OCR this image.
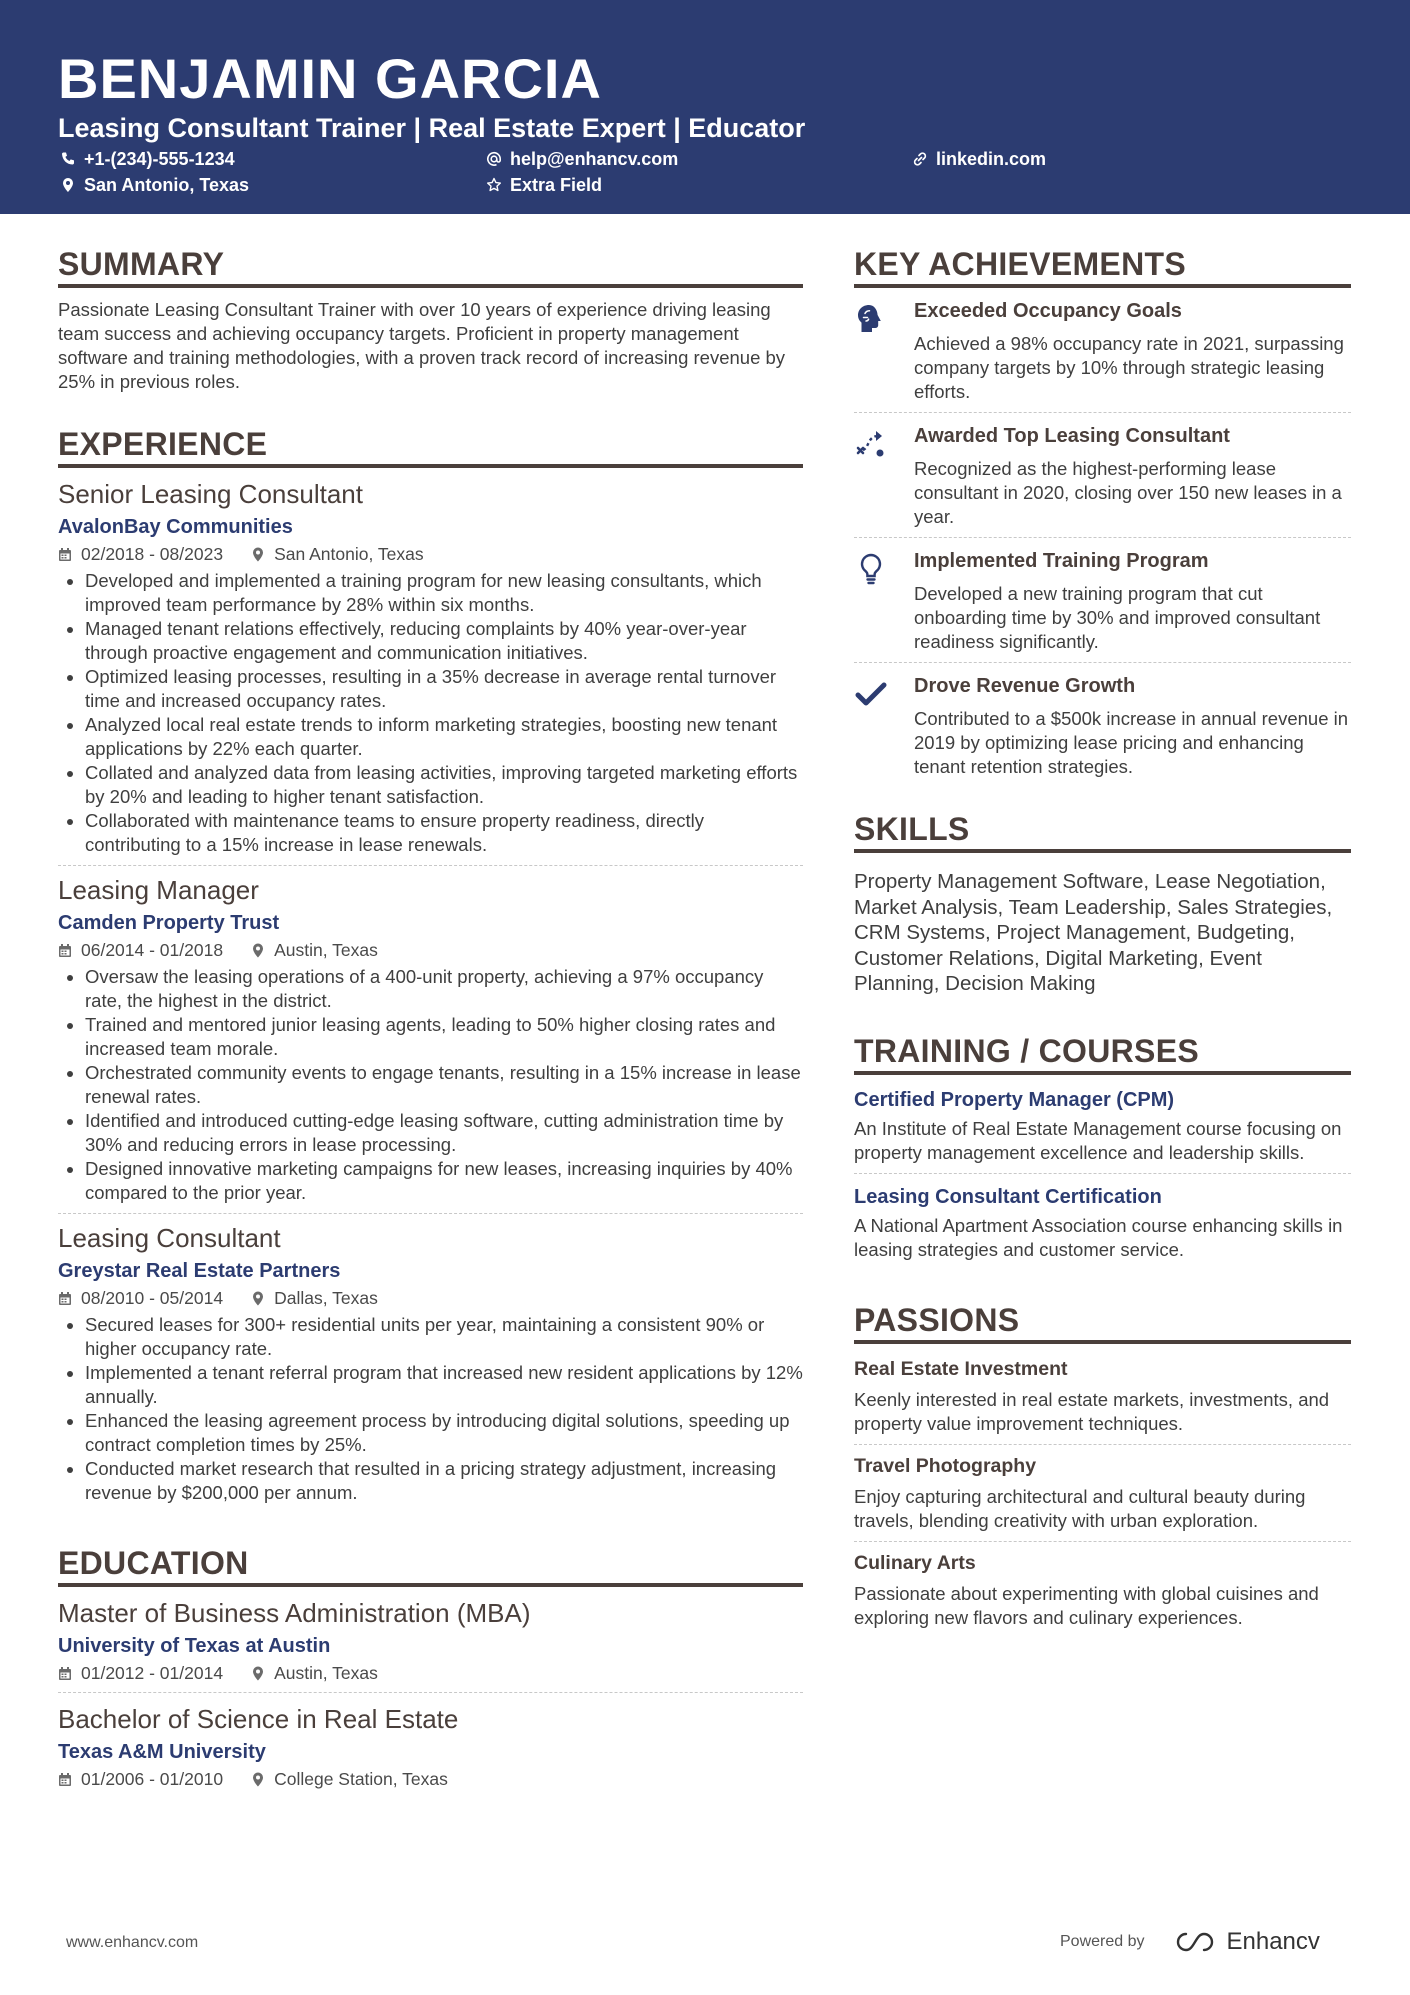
BENJAMIN GARCIA
Leasing Consultant Trainer | Real Estate Expert | Educator
+1-(234)-555-1234	help@enhancv.com	linkedin.com
San Antonio, Texas	Extra Field
SUMMARY
Passionate Leasing Consultant Trainer with over 10 years of experience driving leasing team success and achieving occupancy targets. Proficient in property management software and training methodologies, with a proven track record of increasing revenue by 25% in previous roles.
EXPERIENCE
Senior Leasing Consultant
AvalonBay Communities
02/2018 - 08/2023	San Antonio, Texas
• Developed and implemented a training program for new leasing consultants, which improved team performance by 28% within six months.
• Managed tenant relations effectively, reducing complaints by 40% year-over-year through proactive engagement and communication initiatives.
• Optimized leasing processes, resulting in a 35% decrease in average rental turnover time and increased occupancy rates.
• Analyzed local real estate trends to inform marketing strategies, boosting new tenant applications by 22% each quarter.
• Collated and analyzed data from leasing activities, improving targeted marketing efforts by 20% and leading to higher tenant satisfaction.
• Collaborated with maintenance teams to ensure property readiness, directly contributing to a 15% increase in lease renewals.
Leasing Manager
Camden Property Trust
06/2014 - 01/2018	Austin, Texas
• Oversaw the leasing operations of a 400-unit property, achieving a 97% occupancy rate, the highest in the district.
• Trained and mentored junior leasing agents, leading to 50% higher closing rates and increased team morale.
• Orchestrated community events to engage tenants, resulting in a 15% increase in lease renewal rates.
• Identified and introduced cutting-edge leasing software, cutting administration time by 30% and reducing errors in lease processing.
• Designed innovative marketing campaigns for new leases, increasing inquiries by 40% compared to the prior year.
Leasing Consultant
Greystar Real Estate Partners
08/2010 - 05/2014	Dallas, Texas
• Secured leases for 300+ residential units per year, maintaining a consistent 90% or higher occupancy rate.
• Implemented a tenant referral program that increased new resident applications by 12% annually.
• Enhanced the leasing agreement process by introducing digital solutions, speeding up contract completion times by 25%.
• Conducted market research that resulted in a pricing strategy adjustment, increasing revenue by $200,000 per annum.
EDUCATION
Master of Business Administration (MBA)
University of Texas at Austin
01/2012 - 01/2014	Austin, Texas
Bachelor of Science in Real Estate
Texas A&M University
01/2006 - 01/2010	College Station, Texas
KEY ACHIEVEMENTS
Exceeded Occupancy Goals
Achieved a 98% occupancy rate in 2021, surpassing company targets by 10% through strategic leasing efforts.
Awarded Top Leasing Consultant
Recognized as the highest-performing lease consultant in 2020, closing over 150 new leases in a year.
Implemented Training Program
Developed a new training program that cut onboarding time by 30% and improved consultant readiness significantly.
Drove Revenue Growth
Contributed to a $500k increase in annual revenue in 2019 by optimizing lease pricing and enhancing tenant retention strategies.
SKILLS
Property Management Software, Lease Negotiation, Market Analysis, Team Leadership, Sales Strategies, CRM Systems, Project Management, Budgeting, Customer Relations, Digital Marketing, Event Planning, Decision Making
TRAINING / COURSES
Certified Property Manager (CPM)
An Institute of Real Estate Management course focusing on property management excellence and leadership skills.
Leasing Consultant Certification
A National Apartment Association course enhancing skills in leasing strategies and customer service.
PASSIONS
Real Estate Investment
Keenly interested in real estate markets, investments, and property value improvement techniques.
Travel Photography
Enjoy capturing architectural and cultural beauty during travels, blending creativity with urban exploration.
Culinary Arts
Passionate about experimenting with global cuisines and exploring new flavors and culinary experiences.
www.enhancv.com	Powered by	Enhancv
